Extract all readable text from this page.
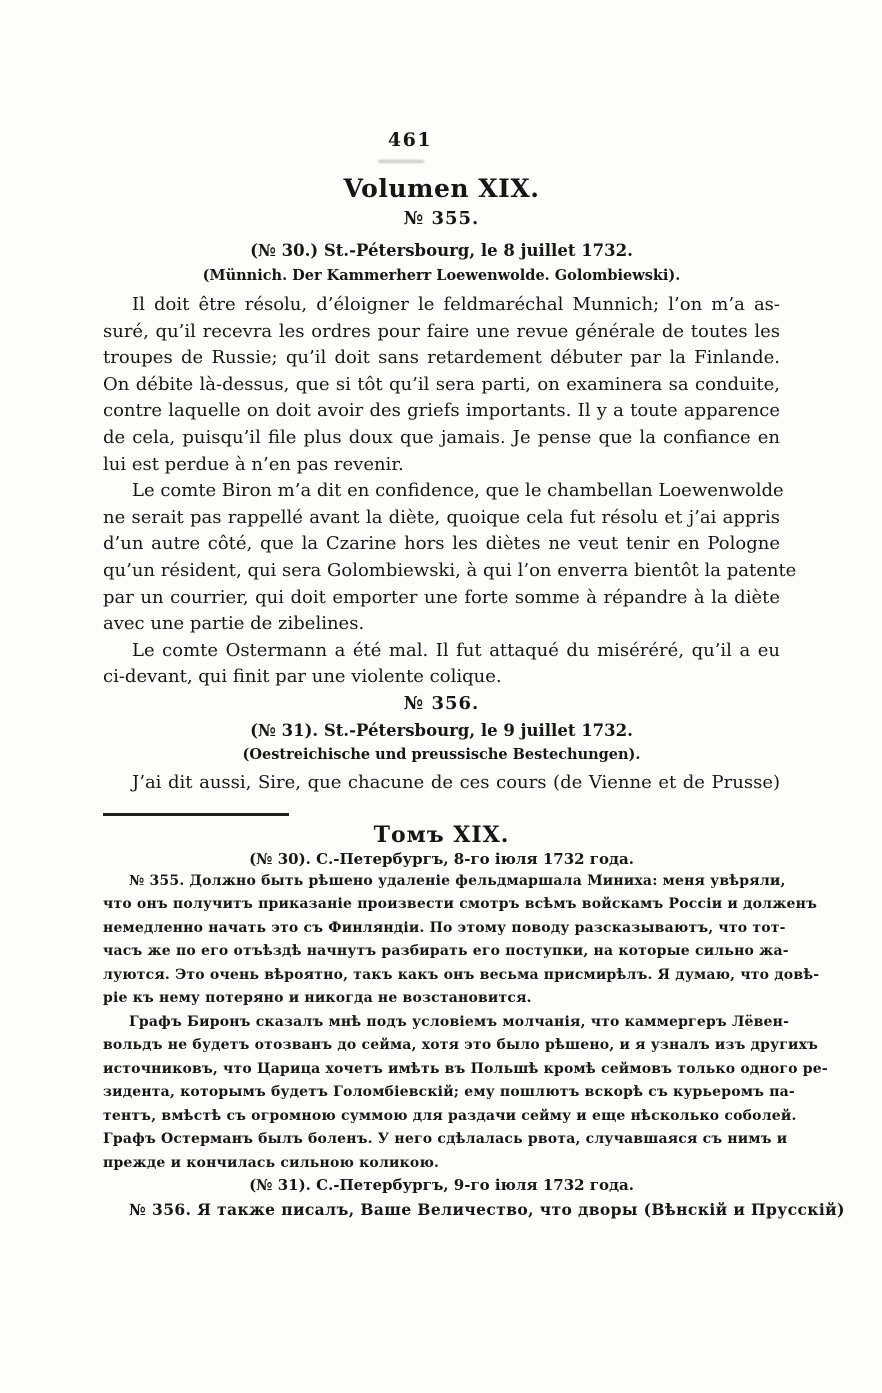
461
Volumen XIX.
№ 355.
(№ 30.) St.-Pétersbourg, le 8 juillet 1732.
(Münnich. Der Kammerherr Loewenwolde. Golombiewski).
Il doit être résolu, d’éloigner le feldmaréchal Munnich; l’on m’a as-
suré, qu’il recevra les ordres pour faire une revue générale de toutes les
troupes de Russie; qu’il doit sans retardement débuter par la Finlande.
On débite là-dessus, que si tôt qu’il sera parti, on examinera sa conduite,
contre laquelle on doit avoir des griefs importants. Il y a toute apparence
de cela, puisqu’il file plus doux que jamais. Je pense que la confiance en
lui est perdue à n’en pas revenir.
Le comte Biron m’a dit en confidence, que le chambellan Loewenwolde
ne serait pas rappellé avant la diète, quoique cela fut résolu et j’ai appris
d’un autre côté, que la Czarine hors les diètes ne veut tenir en Pologne
qu’un résident, qui sera Golombiewski, à qui l’on enverra bientôt la patente
par un courrier, qui doit emporter une forte somme à répandre à la diète
avec une partie de zibelines.
Le comte Ostermann a été mal. Il fut attaqué du miséréré, qu’il a eu
ci-devant, qui finit par une violente colique.
№ 356.
(№ 31). St.-Pétersbourg, le 9 juillet 1732.
(Oestreichische und preussische Bestechungen).
J’ai dit aussi, Sire, que chacune de ces cours (de Vienne et de Prusse)
Томъ XIX.
(№ 30). С.-Петербургъ, 8-го іюля 1732 года.
№ 355. Должно быть рѣшено удаленіе фельдмаршала Миниха: меня увѣряли,
что онъ получитъ приказаніе произвести смотръ всѣмъ войскамъ Россіи и долженъ
немедленно начать это съ Финляндіи. По этому поводу разсказываютъ, что тот-
часъ же по его отъѣздѣ начнутъ разбирать его поступки, на которые сильно жа-
луются. Это очень вѣроятно, такъ какъ онъ весьма присмирѣлъ. Я думаю, что довѣ-
ріе къ нему потеряно и никогда не возстановится.
Графъ Биронъ сказалъ мнѣ подъ условіемъ молчанія, что каммергеръ Лёвен-
вольдъ не будетъ отозванъ до сейма, хотя это было рѣшено, и я узналъ изъ другихъ
источниковъ, что Царица хочетъ имѣть въ Польшѣ кромѣ сеймовъ только одного ре-
зидента, которымъ будетъ Голомбіевскій; ему пошлютъ вскорѣ съ курьеромъ па-
тентъ, вмѣстѣ съ огромною суммою для раздачи сейму и еще нѣсколько соболей.
Графъ Остерманъ былъ боленъ. У него сдѣлалась рвота, случавшаяся съ нимъ и
прежде и кончилась сильною коликою.
(№ 31). С.-Петербургъ, 9-го іюля 1732 года.
№ 356. Я также писалъ, Ваше Величество, что дворы (Вѣнскій и Прусскій)
